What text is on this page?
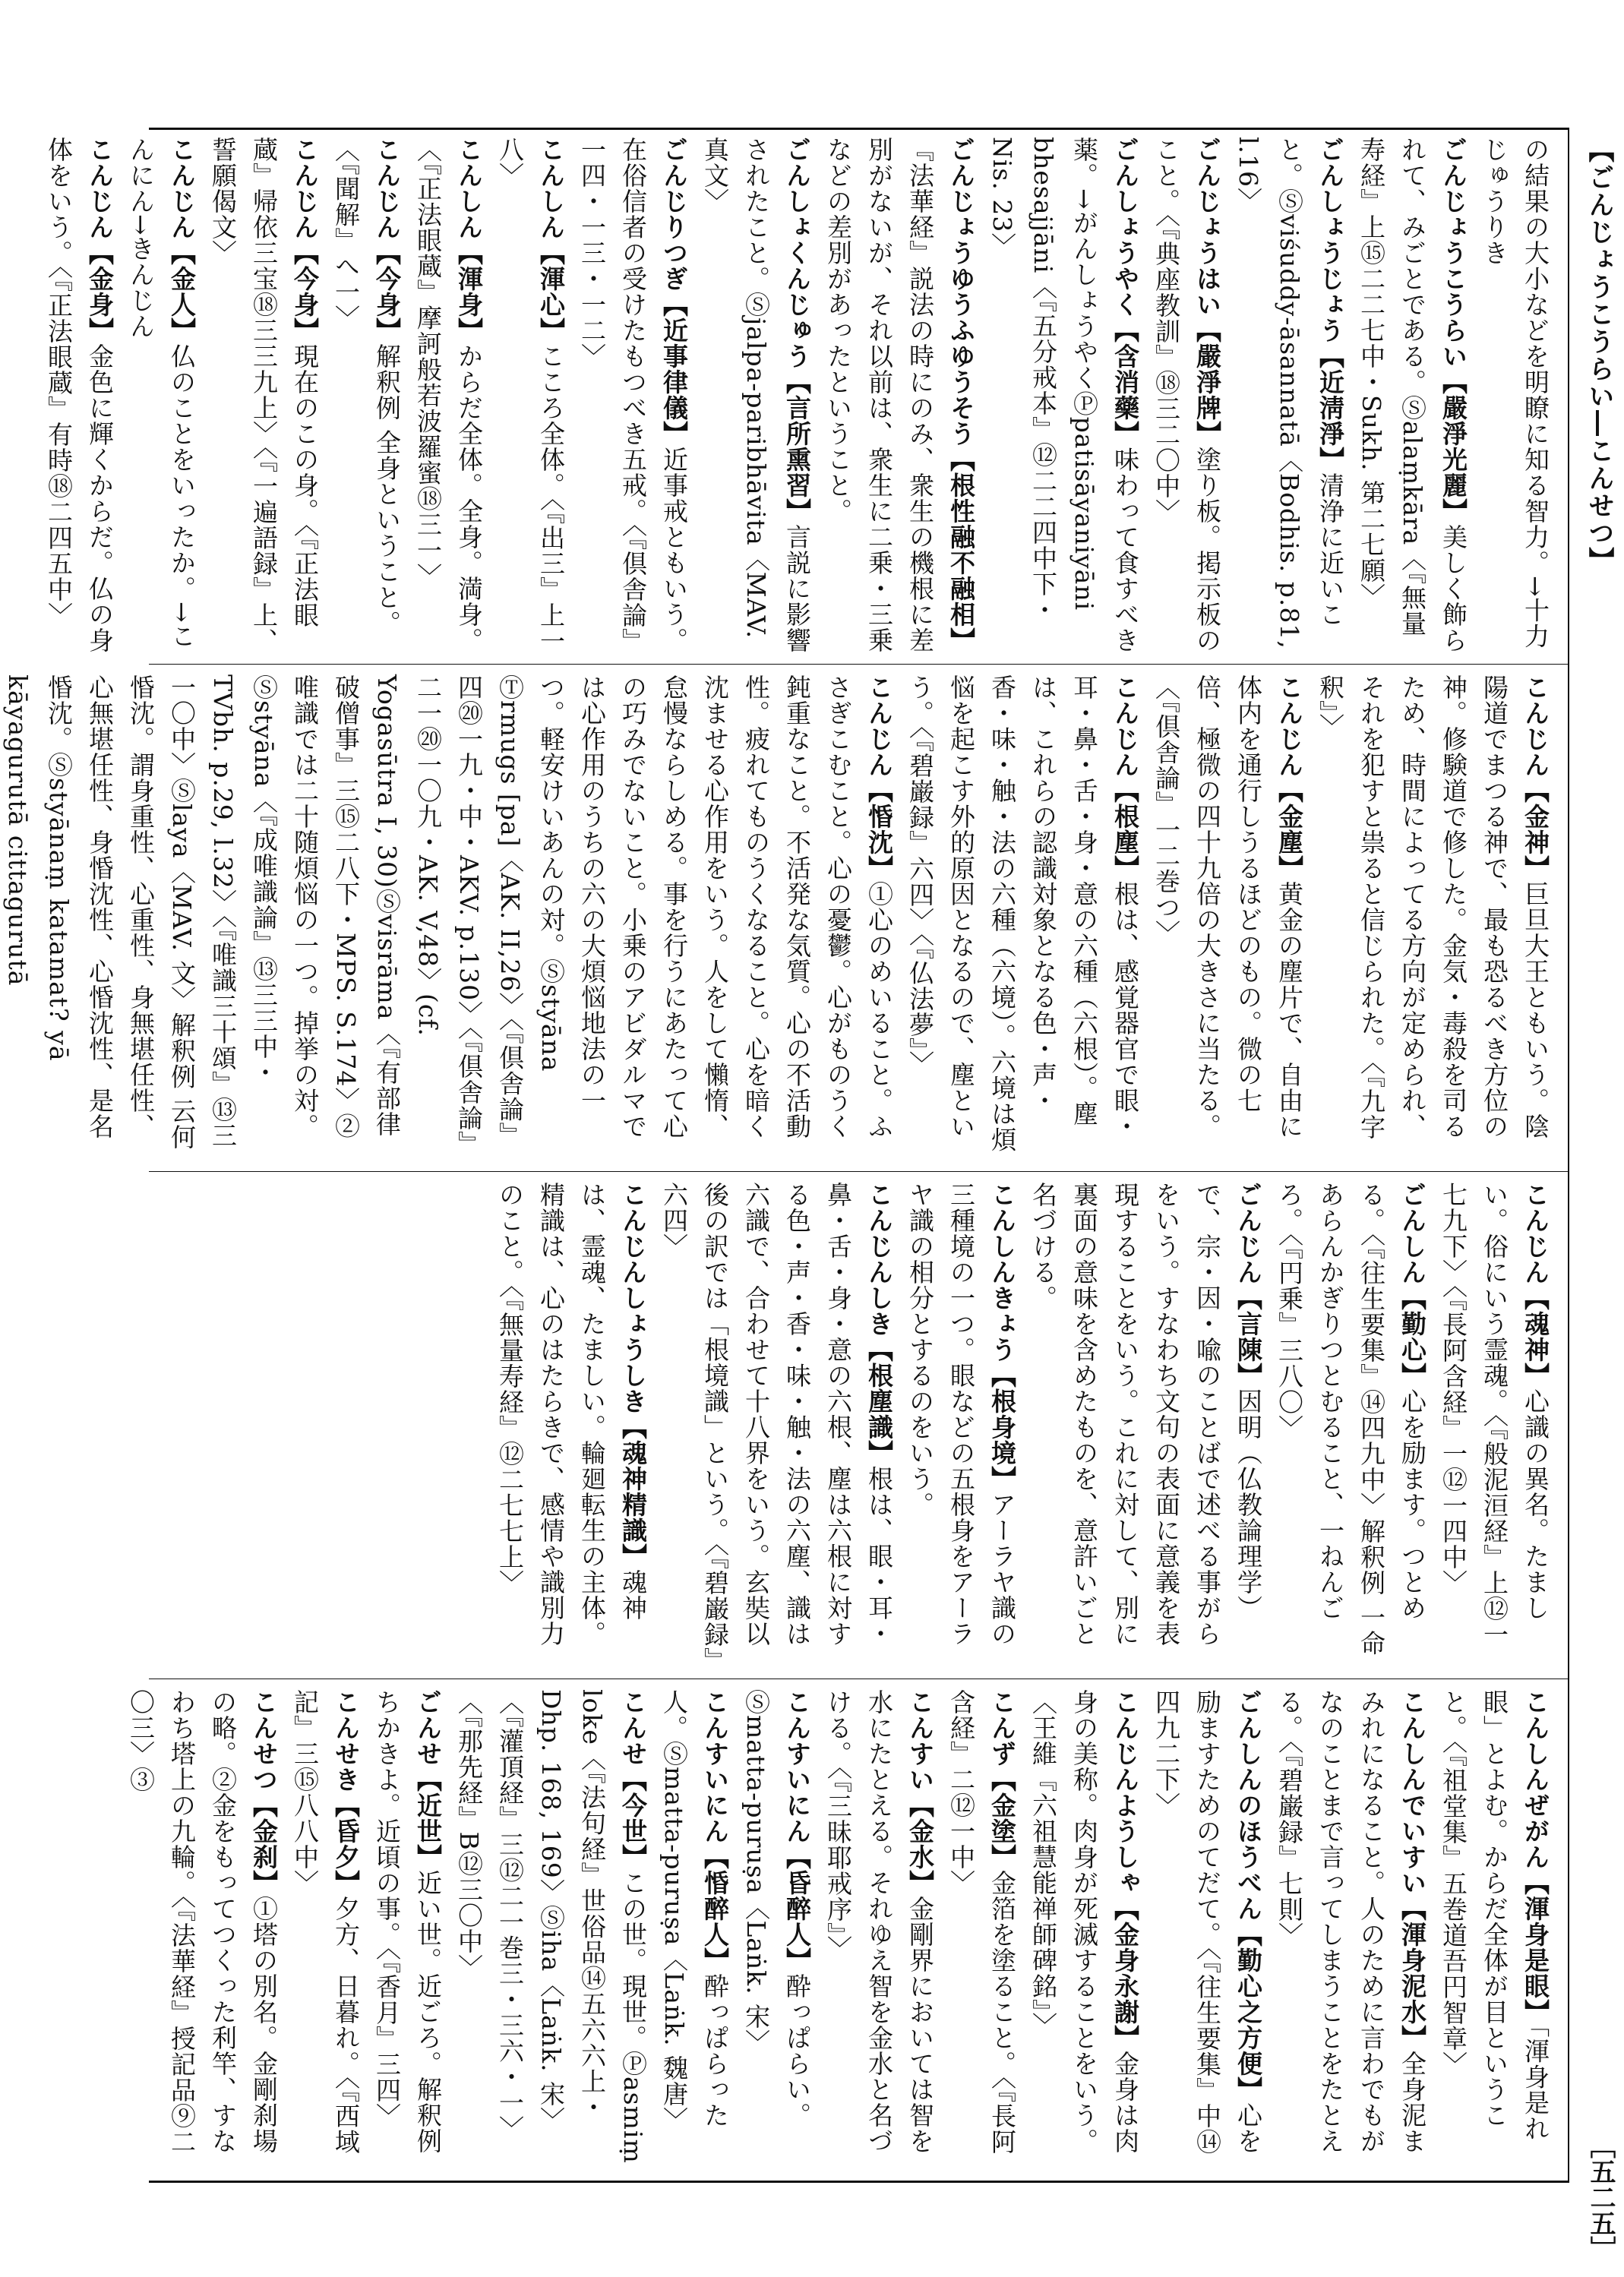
【ごんじょうこうらい―こんせつ】
［五二五］
の結果の大小などを明瞭に知る智力。→十力じゅうりき
ごんじょうこうらい【嚴淨光麗】美しく飾られて、みごとである。Ⓢalaṃkāra〈『無量寿経』上⑮二二七中・Sukh. 第二七願〉
ごんしょうじょう【近淸淨】清浄に近いこと。Ⓢviśuddy-āsannatā〈Bodhis. p.81, l.16〉
ごんじょうはい【嚴淨牌】塗り板。掲示板のこと。〈『典座教訓』⑱三二〇中〉
ごんしょうやく【含消藥】味わって食すべき薬。→がんしょうやくⓅpatisāyaniyāni bhesajjāni〈『五分戒本』⑫二二四中下・Nis. 23〉
ごんじょうゆうふゆうそう【根性融不融相】『法華経』説法の時にのみ、衆生の機根に差別がないが、それ以前は、衆生に二乗・三乗などの差別があったということ。
ごんしょくんじゅう【言所熏習】言説に影響されたこと。Ⓢjalpa-paribhāvita〈MAV. 真文〉
ごんじりつぎ【近事律儀】近事戒ともいう。在俗信者の受けたもつべき五戒。〈『倶舎論』一四・一三・一二〉
こんしん【渾心】こころ全体。〈『出三』上一八〉
こんしん【渾身】からだ全体。全身。満身。〈『正法眼蔵』摩訶般若波羅蜜⑱三一〉
こんじん【今身】解釈例 全身ということ。〈『聞解』へ一〉
こんじん【今身】現在のこの身。〈『正法眼蔵』帰依三宝⑱三三九上〉〈『一遍語録』上、誓願偈文〉
こんじん【金人】仏のことをいったか。→こんにん→きんじん
こんじん【金身】金色に輝くからだ。仏の身体をいう。〈『正法眼蔵』有時⑱二四五中〉
こんじん【金神】巨旦大王ともいう。陰陽道でまつる神で、最も恐るべき方位の神。修験道で修した。金気・毒殺を司るため、時間によってる方向が定められ、それを犯すと祟ると信じられた。〈『九字釈』〉
こんじん【金塵】黄金の塵片で、自由に体内を通行しうるほどのもの。微の七倍、極微の四十九倍の大きさに当たる。〈『倶舎論』一二巻つ〉
こんじん【根塵】根は、感覚器官で眼・耳・鼻・舌・身・意の六種（六根）。塵は、これらの認識対象となる色・声・香・味・触・法の六種（六境）。六境は煩悩を起こす外的原因となるので、塵という。〈『碧巌録』六四〉〈『仏法夢』〉
こんじん【惛沈】①心のめいること。ふさぎこむこと。心の憂鬱。心がものうく鈍重なこと。不活発な気質。心の不活動性。疲れてものうくなること。心を暗く沈ませる心作用をいう。人をして懶惰、怠慢ならしめる。事を行うにあたって心の巧みでないこと。小乗のアビダルマでは心作用のうちの六の大煩悩地法の一つ。軽安けいあんの対。Ⓢstyāna Ⓣrmugs [pa]〈AK. II,26〉〈『倶舎論』四⑳一九・中・AKV. p.130〉〈『倶舎論』二一⑳一〇九・AK. V,48〉(cf. Yogasūtra I, 30)Ⓢvisrāma〈『有部律破僧事』三⑮二八下・MPS. S.174〉②唯識では二十随煩悩の一つ。掉挙の対。Ⓢstyāna〈『成唯識論』⑬三三中・TVbh. p.29, l.32〉〈『唯識三十頌』⑬三一〇中〉Ⓢlaya〈MAV. 文〉解釈例 云何惛沈。謂身重性、心重性、身無堪任性、心無堪任性、身惛沈性、心惛沈性、是名惛沈。Ⓢstyānaṃ katamat? yā kāyagurutā cittagurutā
こんじん【魂神】心識の異名。たましい。俗にいう霊魂。〈『般泥洹経』上⑫一七九下〉〈『長阿含経』一⑫一四中〉
ごんしん【勤心】心を励ます。つとめる。〈『往生要集』⑭四九中〉解釈例 一命あらんかぎりつとむること、一ねんごろ。〈『円乗』三八〇〉
ごんじん【言陳】因明（仏教論理学）で、宗・因・喩のことばで述べる事がらをいう。すなわち文句の表面に意義を表現することをいう。これに対して、別に裏面の意味を含めたものを、意許いごと名づける。
こんしんきょう【根身境】アーラヤ識の三種境の一つ。眼などの五根身をアーラヤ識の相分とするのをいう。
こんじんしき【根塵識】根は、眼・耳・鼻・舌・身・意の六根、塵は六根に対する色・声・香・味・触・法の六塵、識は六識で、合わせて十八界をいう。玄奘以後の訳では「根境識」という。〈『碧巌録』六四〉
こんじんしょうしき【魂神精識】魂神は、霊魂、たましい。輪廻転生の主体。精識は、心のはたらきで、感情や識別力のこと。〈『無量寿経』⑫二七七上〉
こんしんぜがん【渾身是眼】「渾身是れ眼」とよむ。からだ全体が目ということ。〈『祖堂集』五巻道吾円智章〉
こんしんでいすい【渾身泥水】全身泥まみれになること。人のために言わでもがなのことまで言ってしまうことをたとえる。〈『碧巌録』七則〉
ごんしんのほうべん【勤心之方便】心を励ますためのてだて。〈『往生要集』中⑭四九二下〉
こんじんようしゃ【金身永謝】金身は肉身の美称。肉身が死滅することをいう。〈王維『六祖慧能禅師碑銘』〉
こんず【金塗】金箔を塗ること。〈『長阿含経』二⑫一中〉
こんすい【金水】金剛界においては智を水にたとえる。それゆえ智を金水と名づける。〈『三昧耶戒序』〉
こんすいにん【昏醉人】酔っぱらい。Ⓢmatta-puruṣa〈Laṅk. 宋〉
こんすいにん【惛醉人】酔っぱらった人。Ⓢmatta-puruṣa〈Laṅk. 魏唐〉
こんせ【今世】この世。現世。Ⓟasmiṃ loke〈『法句経』世俗品⑭五六六上・Dhp. 168, 169〉Ⓢiha〈Laṅk. 宋〉〈『灌頂経』三⑫二一巻三・三六・一〉〈『那先経』B⑫三〇中〉
ごんせ【近世】近い世。近ごろ。解釈例 ちかきよ。近頃の事。〈『香月』三四〉
こんせき【昏夕】夕方、日暮れ。〈『西域記』三⑮八八中〉
こんせつ【金刹】①塔の別名。金剛刹場の略。②金をもってつくった利竿、すなわち塔上の九輪。〈『法華経』授記品⑨二〇三〉③
